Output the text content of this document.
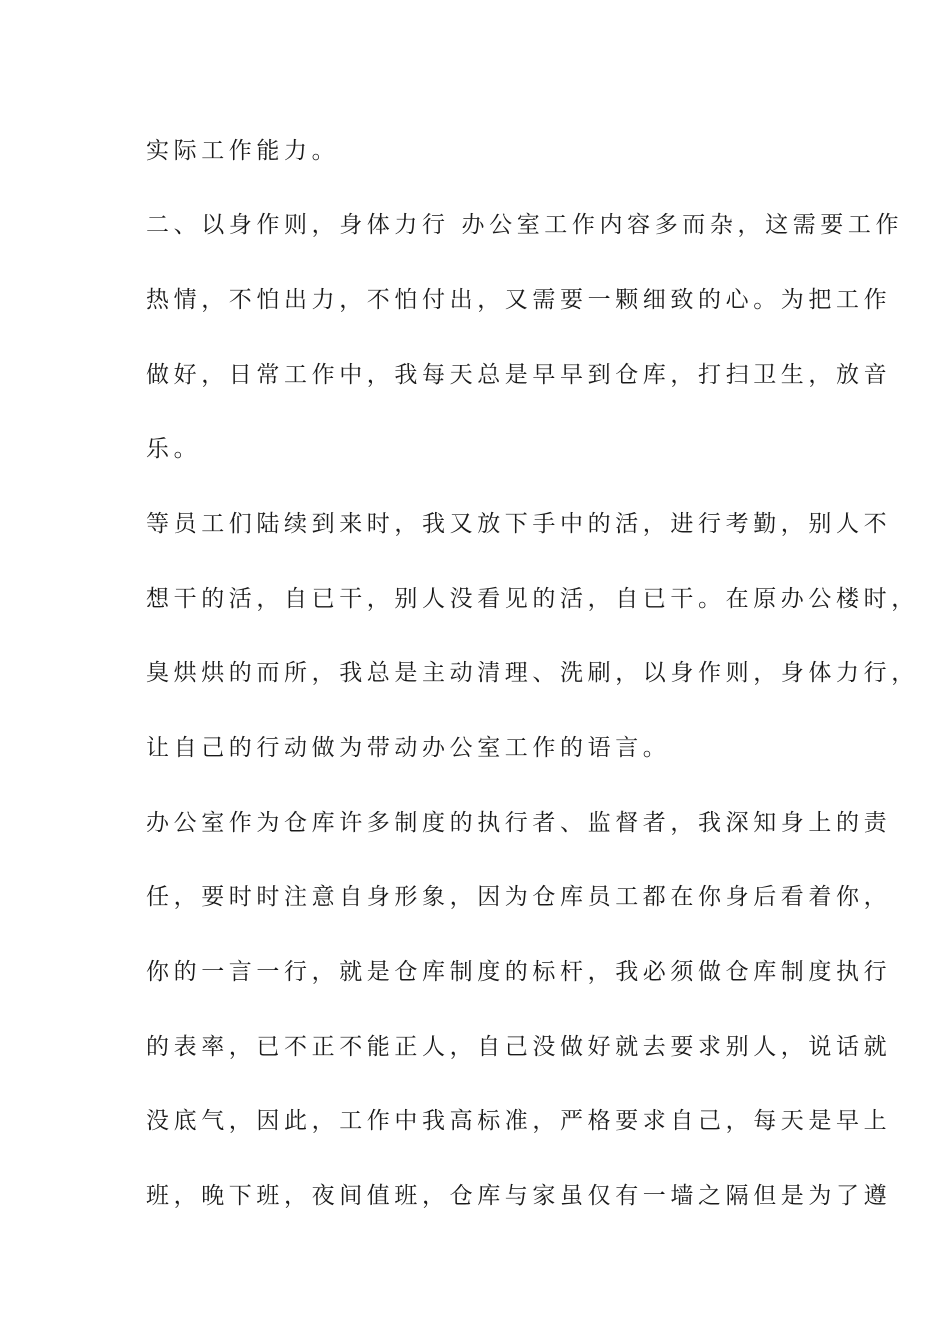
实际工作能力。
二、以身作则，身体力行 办公室工作内容多而杂，这需要工作
热情，不怕出力，不怕付出，又需要一颗细致的心。为把工作
做好，日常工作中，我每天总是早早到仓库，打扫卫生，放音
乐。
等员工们陆续到来时，我又放下手中的活，进行考勤，别人不
想干的活，自已干，别人没看见的活，自已干。在原办公楼时，
臭烘烘的而所，我总是主动清理、洗刷，以身作则，身体力行，
让自己的行动做为带动办公室工作的语言。
办公室作为仓库许多制度的执行者、监督者，我深知身上的责
任，要时时注意自身形象，因为仓库员工都在你身后看着你，
你的一言一行，就是仓库制度的标杆，我必须做仓库制度执行
的表率，已不正不能正人，自己没做好就去要求别人，说话就
没底气，因此，工作中我高标准，严格要求自己，每天是早上
班，晚下班，夜间值班，仓库与家虽仅有一墙之隔但是为了遵
